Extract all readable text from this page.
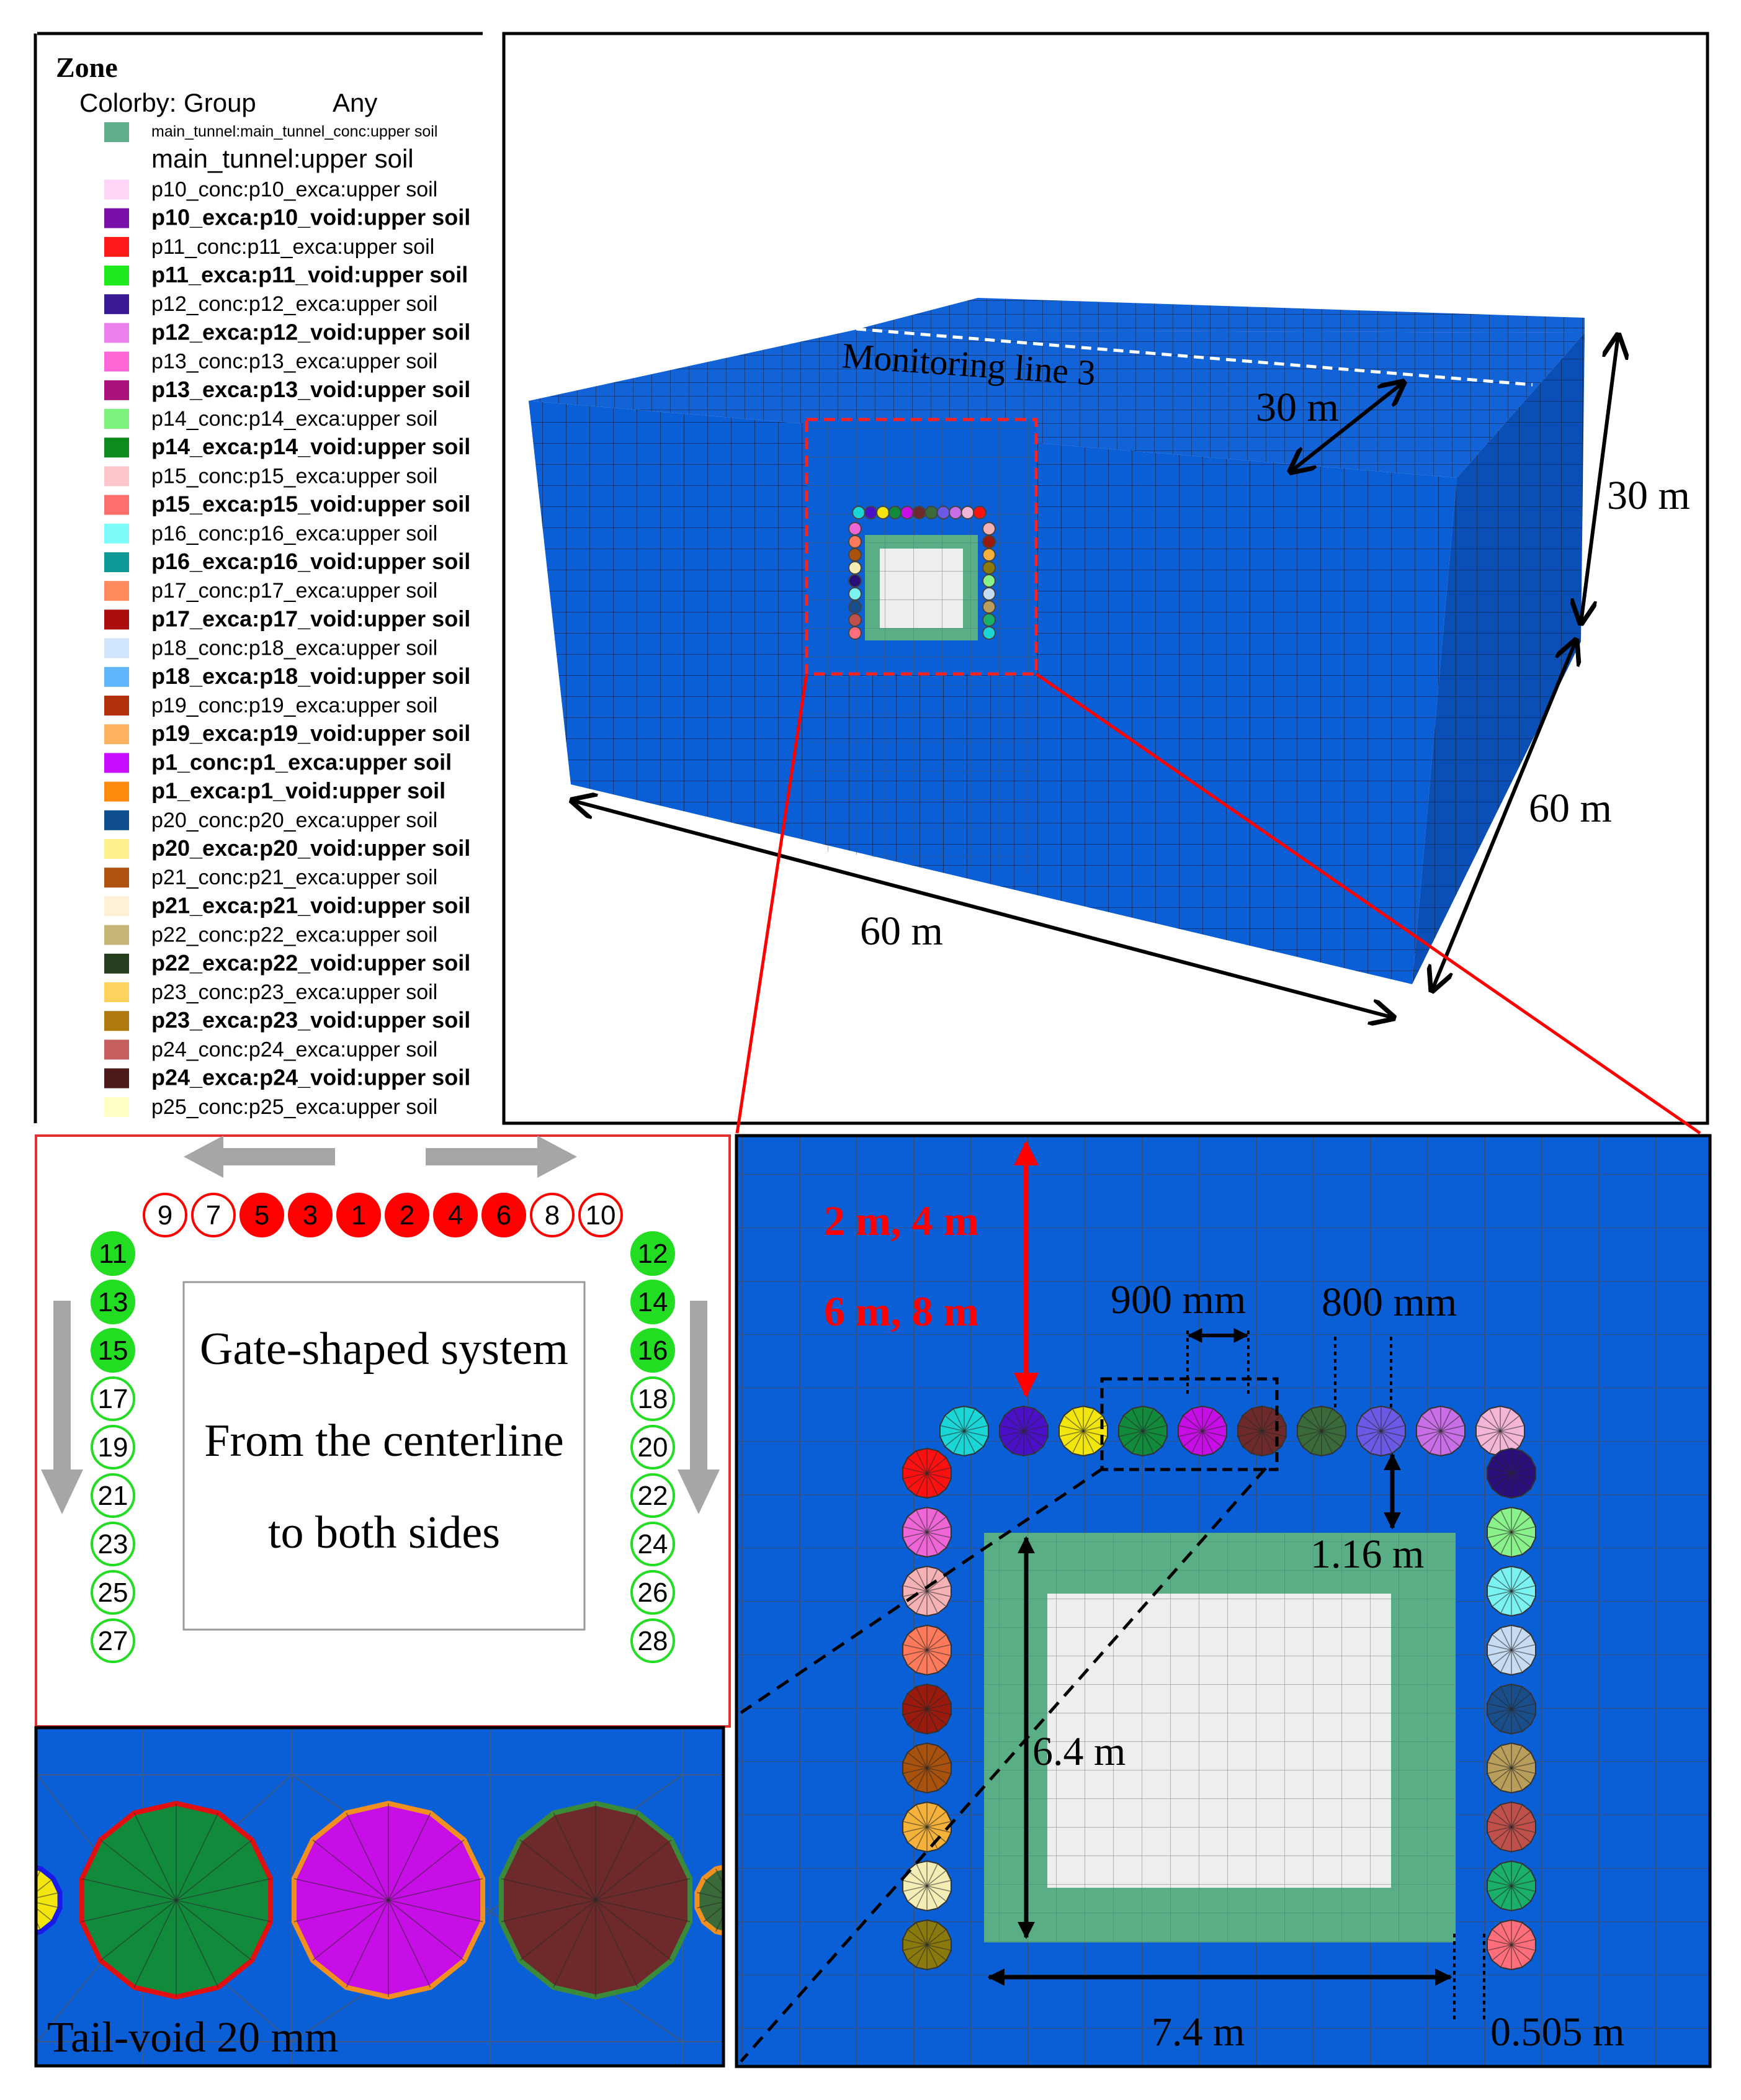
Zone
Colorby: Group	Any
main_tunnel:main_tunnel_conc:upper soil
main_tunnel:upper soil
p10_conc:p10_exca:upper soil
p10_exca:p10_void:upper soil
p11_conc:p11_exca:upper soil
p11_exca:p11_void:upper soil
p12_conc:p12_exca:upper soil
p12_exca:p12_void:upper soil
p13_conc:p13_exca:upper soil
p13_exca:p13_void:upper soil
p14_conc:p14_exca:upper soil
p14_exca:p14_void:upper soil
p15_conc:p15_exca:upper soil
p15_exca:p15_void:upper soil
p16_conc:p16_exca:upper soil
p16_exca:p16_void:upper soil
p17_conc:p17_exca:upper soil
p17_exca:p17_void:upper soil
p18_conc:p18_exca:upper soil
p18_exca:p18_void:upper soil
p19_conc:p19_exca:upper soil
p19_exca:p19_void:upper soil
p1_conc:p1_exca:upper soil
p1_exca:p1_void:upper soil
p20_conc:p20_exca:upper soil
p20_exca:p20_void:upper soil
p21_conc:p21_exca:upper soil
p21_exca:p21_void:upper soil
p22_conc:p22_exca:upper soil
p22_exca:p22_void:upper soil
p23_conc:p23_exca:upper soil
p23_exca:p23_void:upper soil
p24_conc:p24_exca:upper soil
p24_exca:p24_void:upper soil
p25_conc:p25_exca:upper soil
Monitoring line 3
30 m
30 m
60 m
60 m
Gate-shaped system
From the centerline
to both sides
9 7 5 3 1 2 4 6 8 10
11
13
15
17
19
21
23
25
27
12
14
16
18
20
22
24
26
28
Tail-void 20 mm
2 m, 4 m
6 m, 8 m	900 mm 800 mm
1.16 m
6.4 m
7.4 m	0.505 m
